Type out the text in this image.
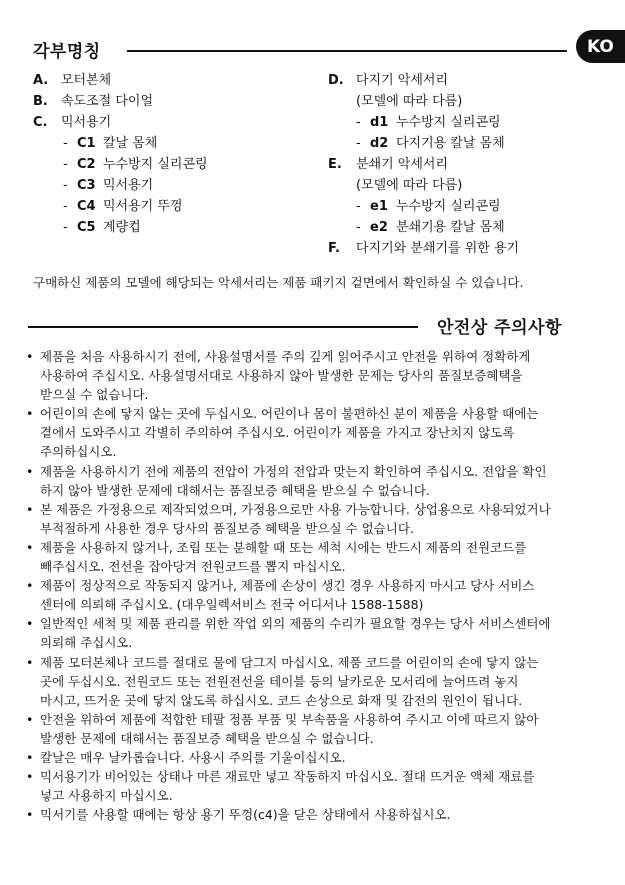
각부명칭	KO
A. 모터본체
B. 속도조절 다이얼
C. 믹서용기
- C1 칼날 몸체
- C2 누수방지 실리콘링
- C3 믹서용기
- C4 믹서용기 뚜껑
- C5 계량컵
D. 다지기 악세서리
(모델에 따라 다름)
- d1 누수방지 실리콘링
- d2 다지기용 칼날 몸체
E. 분쇄기 악세서리
(모델에 따라 다름)
- e1 누수방지 실리콘링
- e2 분쇄기용 칼날 몸체
F. 다지기와 분쇄기를 위한 용기
구매하신 제품의 모델에 해당되는 악세서리는 제품 패키지 겉면에서 확인하실 수 있습니다.
안전상 주의사항
• 제품을 처음 사용하시기 전에, 사용설명서를 주의 깊게 읽어주시고 안전을 위하여 정확하게
사용하여 주십시오. 사용설명서대로 사용하지 않아 발생한 문제는 당사의 품질보증혜택을
받으실 수 없습니다.
• 어린이의 손에 닿지 않는 곳에 두십시오. 어린이나 몸이 불편하신 분이 제품을 사용할 때에는
곁에서 도와주시고 각별히 주의하여 주십시오. 어린이가 제품을 가지고 장난치지 않도록
주의하십시오.
• 제품을 사용하시기 전에 제품의 전압이 가정의 전압과 맞는지 확인하여 주십시오. 전압을 확인
하지 않아 발생한 문제에 대해서는 품질보증 혜택을 받으실 수 없습니다.
• 본 제품은 가정용으로 제작되었으며, 가정용으로만 사용 가능합니다. 상업용으로 사용되었거나
부적절하게 사용한 경우 당사의 품질보증 혜택을 받으실 수 없습니다.
• 제품을 사용하지 않거나, 조립 또는 분해할 때 또는 세척 시에는 반드시 제품의 전원코드를
빼주십시오. 전선을 잡아당겨 전원코드를 뽑지 마십시오.
• 제품이 정상적으로 작동되지 않거나, 제품에 손상이 생긴 경우 사용하지 마시고 당사 서비스
센터에 의뢰해 주십시오. (대우일렉서비스 전국 어디서나 1588-1588)
• 일반적인 세척 및 제품 관리를 위한 작업 외의 제품의 수리가 필요할 경우는 당사 서비스센터에
의뢰해 주십시오.
• 제품 모터본체나 코드를 절대로 물에 담그지 마십시오. 제품 코드를 어린이의 손에 닿지 않는
곳에 두십시오. 전원코드 또는 전원전선을 테이블 등의 날카로운 모서리에 늘어뜨려 놓지
마시고, 뜨거운 곳에 닿지 않도록 하십시오. 코드 손상으로 화재 및 감전의 원인이 됩니다.
• 안전을 위하여 제품에 적합한 테팔 정품 부품 및 부속품을 사용하여 주시고 이에 따르지 않아
발생한 문제에 대해서는 품질보증 혜택을 받으실 수 없습니다.
• 칼날은 매우 날카롭습니다. 사용시 주의를 기울이십시오.
• 믹서용기가 비어있는 상태나 마른 재료만 넣고 작동하지 마십시오. 절대 뜨거운 액체 재료를
넣고 사용하지 마십시오.
• 믹서기를 사용할 때에는 항상 용기 뚜껑(c4)을 닫은 상태에서 사용하십시오.
